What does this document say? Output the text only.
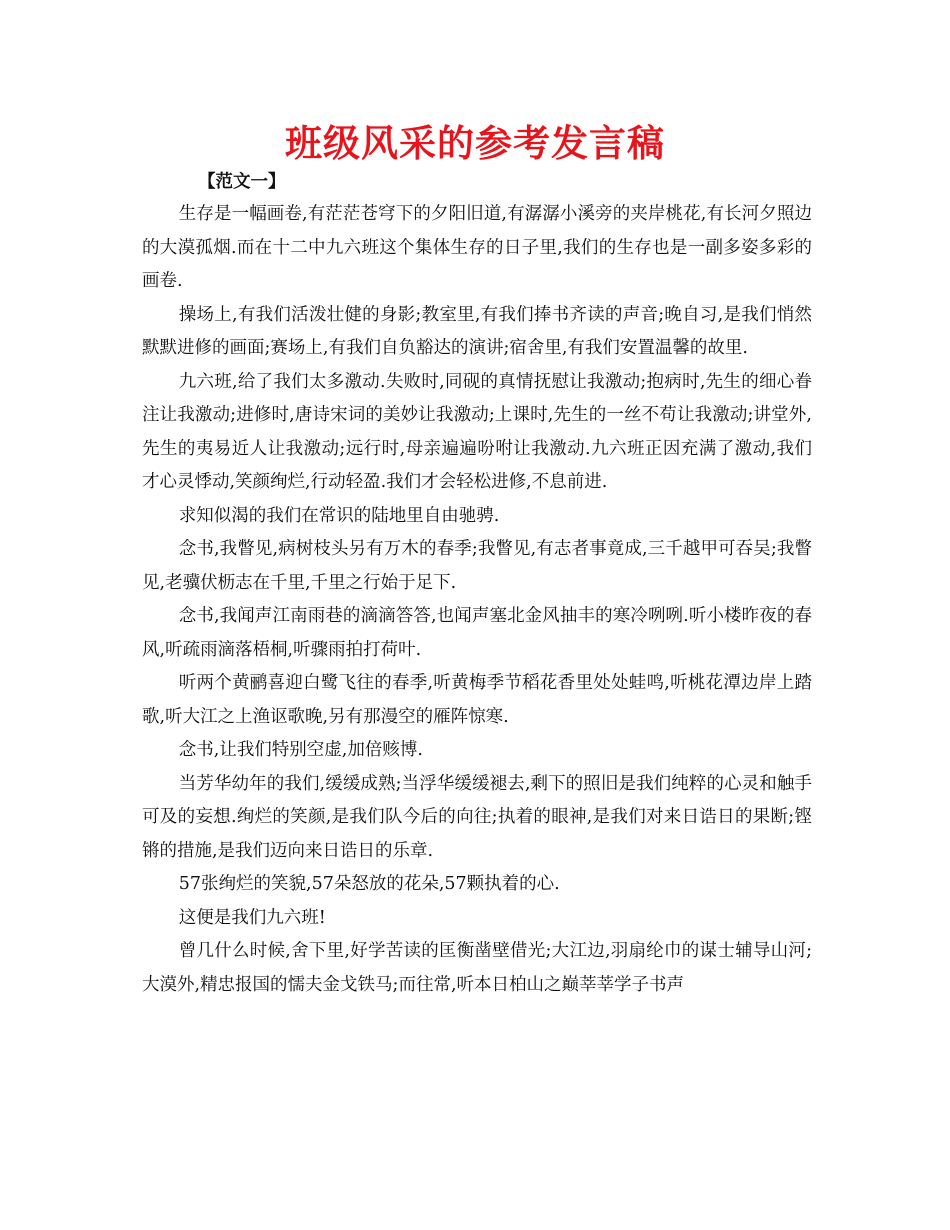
班级风采的参考发言稿

【范文一】

生存是一幅画卷,有茫茫苍穹下的夕阳旧道,有潺潺小溪旁的夹岸桃花,有长河夕照边的大漠孤烟.而在十二中九六班这个集体生存的日子里,我们的生存也是一副多姿多彩的画卷.

操场上,有我们活泼壮健的身影;教室里,有我们捧书齐读的声音;晚自习,是我们悄然默默进修的画面;赛场上,有我们自负豁达的演讲;宿舍里,有我们安置温馨的故里.

九六班,给了我们太多激动.失败时,同砚的真情抚慰让我激动;抱病时,先生的细心眷注让我激动;进修时,唐诗宋词的美妙让我激动;上课时,先生的一丝不苟让我激动;讲堂外,先生的夷易近人让我激动;远行时,母亲遍遍吩咐让我激动.九六班正因充满了激动,我们才心灵悸动,笑颜绚烂,行动轻盈.我们才会轻松进修,不息前进.

求知似渴的我们在常识的陆地里自由驰骋.

念书,我瞥见,病树枝头另有万木的春季;我瞥见,有志者事竟成,三千越甲可吞吴;我瞥见,老骥伏枥志在千里,千里之行始于足下.

念书,我闻声江南雨巷的滴滴答答,也闻声塞北金风抽丰的寒冷咧咧.听小楼昨夜的春风,听疏雨滴落梧桐,听骤雨拍打荷叶.

听两个黄鹂喜迎白鹭飞往的春季,听黄梅季节稻花香里处处蛙鸣,听桃花潭边岸上踏歌,听大江之上渔讴歌晚,另有那漫空的雁阵惊寒.

念书,让我们特别空虚,加倍赅博.

当芳华幼年的我们,缓缓成熟;当浮华缓缓褪去,剩下的照旧是我们纯粹的心灵和触手可及的妄想.绚烂的笑颜,是我们队今后的向往;执着的眼神,是我们对来日诰日的果断;铿锵的措施,是我们迈向来日诰日的乐章.

57张绚烂的笑貌,57朵怒放的花朵,57颗执着的心.

这便是我们九六班!

曾几什么时候,舍下里,好学苦读的匡衡凿壁借光;大江边,羽扇纶巾的谋士辅导山河;大漠外,精忠报国的懦夫金戈铁马;而往常,听本日柏山之巅莘莘学子书声
